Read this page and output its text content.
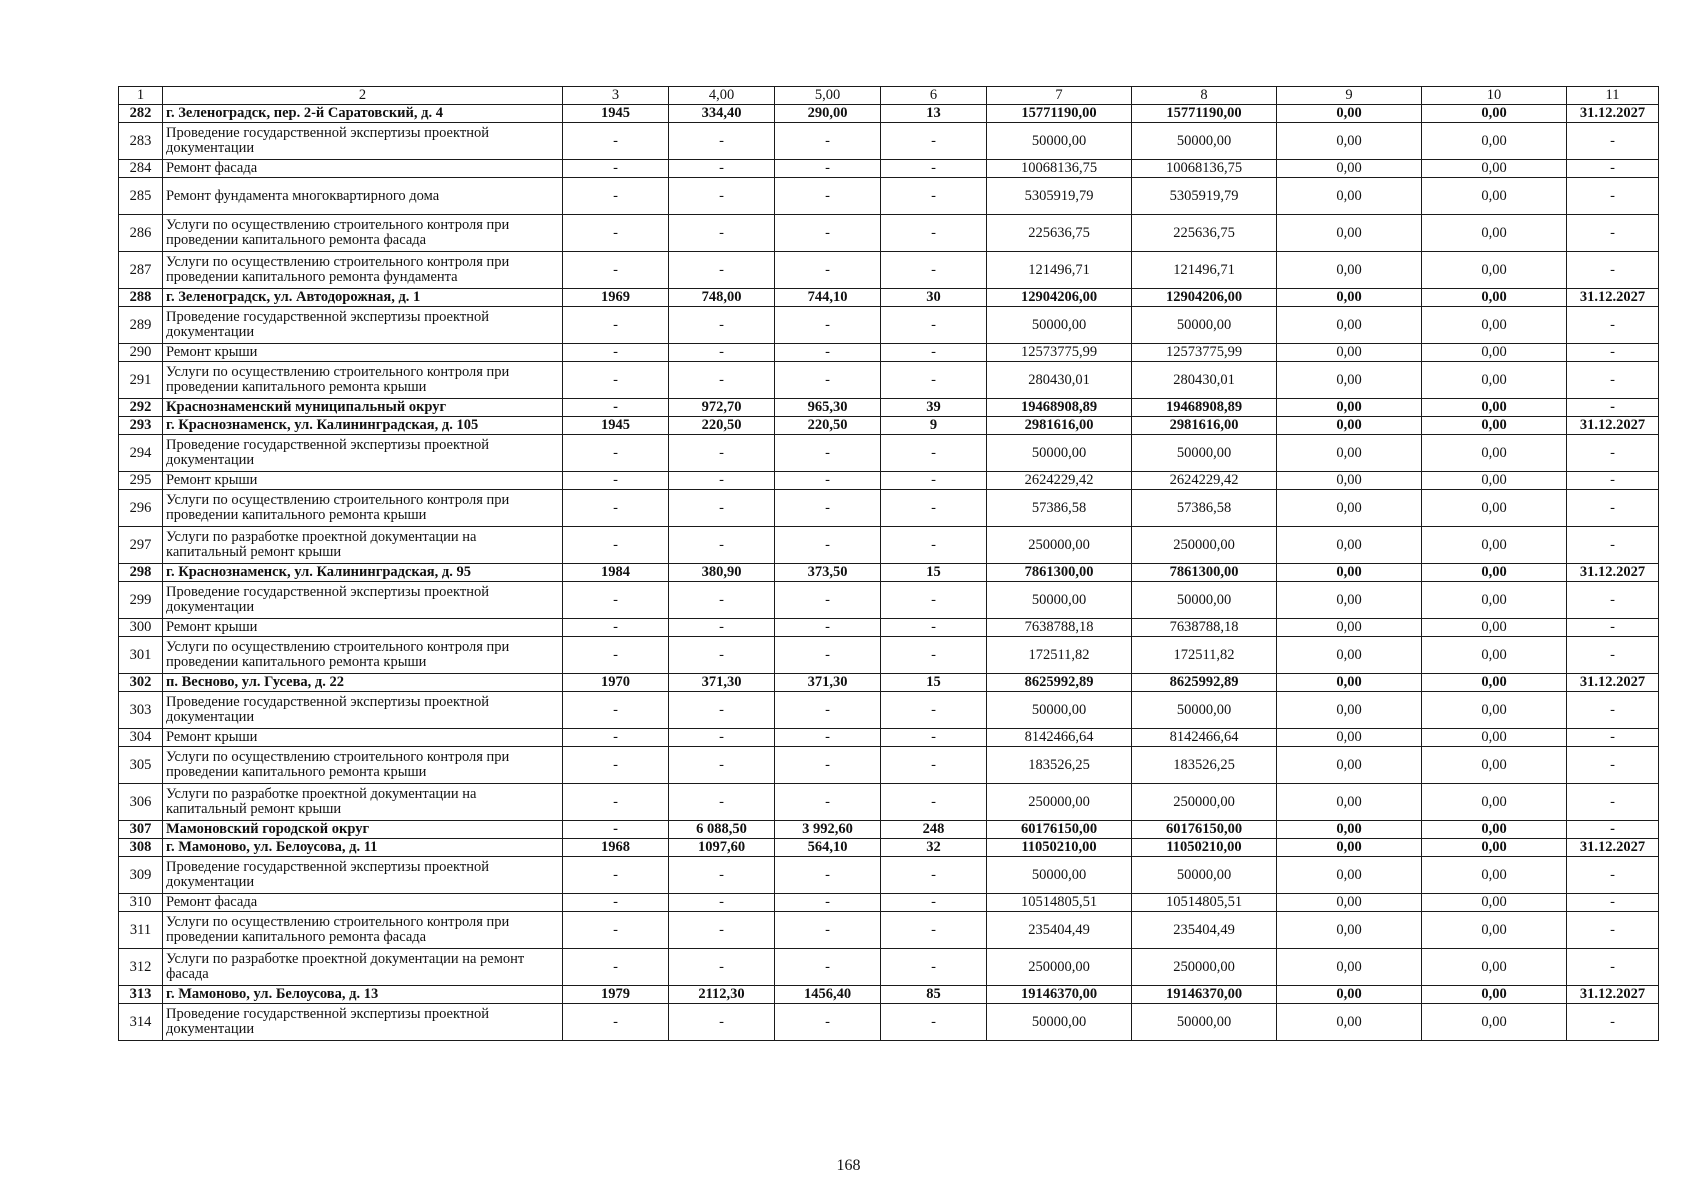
1	2	3	4,00	5,00	6	7	8	9	10	11
282	г. Зеленоградск, пер. 2-й Саратовский, д. 4	1945	334,40	290,00	13	15771190,00	15771190,00	0,00	0,00	31.12.2027
283	Проведение государственной экспертизы проектной документации	-	-	-	-	50000,00	50000,00	0,00	0,00	-
284	Ремонт фасада	-	-	-	-	10068136,75	10068136,75	0,00	0,00	-
285	Ремонт фундамента многоквартирного дома	-	-	-	-	5305919,79	5305919,79	0,00	0,00	-
286	Услуги по осуществлению строительного контроля при проведении капитального ремонта фасада	-	-	-	-	225636,75	225636,75	0,00	0,00	-
287	Услуги по осуществлению строительного контроля при проведении капитального ремонта фундамента	-	-	-	-	121496,71	121496,71	0,00	0,00	-
288	г. Зеленоградск, ул. Автодорожная, д. 1	1969	748,00	744,10	30	12904206,00	12904206,00	0,00	0,00	31.12.2027
289	Проведение государственной экспертизы проектной документации	-	-	-	-	50000,00	50000,00	0,00	0,00	-
290	Ремонт крыши	-	-	-	-	12573775,99	12573775,99	0,00	0,00	-
291	Услуги по осуществлению строительного контроля при проведении капитального ремонта крыши	-	-	-	-	280430,01	280430,01	0,00	0,00	-
292	Краснознаменский муниципальный округ	-	972,70	965,30	39	19468908,89	19468908,89	0,00	0,00	-
293	г. Краснознаменск, ул. Калининградская, д. 105	1945	220,50	220,50	9	2981616,00	2981616,00	0,00	0,00	31.12.2027
294	Проведение государственной экспертизы проектной документации	-	-	-	-	50000,00	50000,00	0,00	0,00	-
295	Ремонт крыши	-	-	-	-	2624229,42	2624229,42	0,00	0,00	-
296	Услуги по осуществлению строительного контроля при проведении капитального ремонта крыши	-	-	-	-	57386,58	57386,58	0,00	0,00	-
297	Услуги по разработке проектной документации на капитальный ремонт крыши	-	-	-	-	250000,00	250000,00	0,00	0,00	-
298	г. Краснознаменск, ул. Калининградская, д. 95	1984	380,90	373,50	15	7861300,00	7861300,00	0,00	0,00	31.12.2027
299	Проведение государственной экспертизы проектной документации	-	-	-	-	50000,00	50000,00	0,00	0,00	-
300	Ремонт крыши	-	-	-	-	7638788,18	7638788,18	0,00	0,00	-
301	Услуги по осуществлению строительного контроля при проведении капитального ремонта крыши	-	-	-	-	172511,82	172511,82	0,00	0,00	-
302	п. Весново, ул. Гусева, д. 22	1970	371,30	371,30	15	8625992,89	8625992,89	0,00	0,00	31.12.2027
303	Проведение государственной экспертизы проектной документации	-	-	-	-	50000,00	50000,00	0,00	0,00	-
304	Ремонт крыши	-	-	-	-	8142466,64	8142466,64	0,00	0,00	-
305	Услуги по осуществлению строительного контроля при проведении капитального ремонта крыши	-	-	-	-	183526,25	183526,25	0,00	0,00	-
306	Услуги по разработке проектной документации на капитальный ремонт крыши	-	-	-	-	250000,00	250000,00	0,00	0,00	-
307	Мамоновский городской округ	-	6 088,50	3 992,60	248	60176150,00	60176150,00	0,00	0,00	-
308	г. Мамоново, ул. Белоусова, д. 11	1968	1097,60	564,10	32	11050210,00	11050210,00	0,00	0,00	31.12.2027
309	Проведение государственной экспертизы проектной документации	-	-	-	-	50000,00	50000,00	0,00	0,00	-
310	Ремонт фасада	-	-	-	-	10514805,51	10514805,51	0,00	0,00	-
311	Услуги по осуществлению строительного контроля при проведении капитального ремонта фасада	-	-	-	-	235404,49	235404,49	0,00	0,00	-
312	Услуги по разработке проектной документации на ремонт фасада	-	-	-	-	250000,00	250000,00	0,00	0,00	-
313	г. Мамоново, ул. Белоусова, д. 13	1979	2112,30	1456,40	85	19146370,00	19146370,00	0,00	0,00	31.12.2027
314	Проведение государственной экспертизы проектной документации	-	-	-	-	50000,00	50000,00	0,00	0,00	-
168
